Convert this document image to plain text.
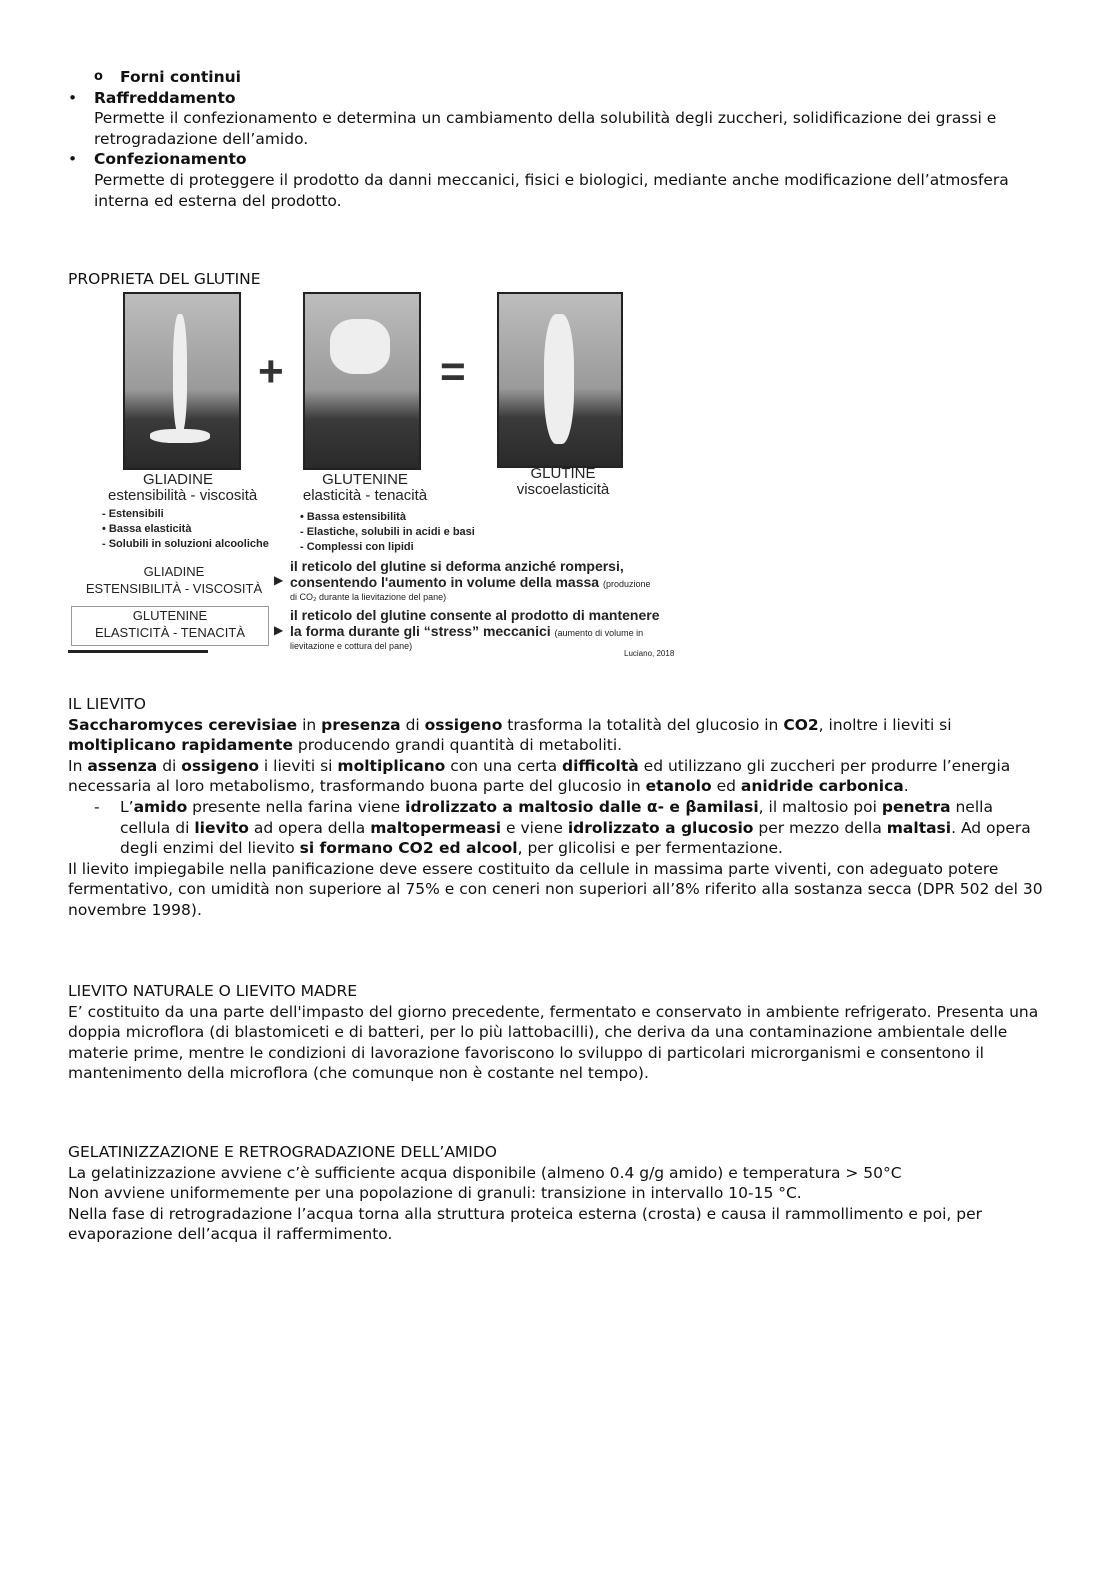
o Forni continui
• Raffreddamento
Permette il confezionamento e determina un cambiamento della solubilità degli zuccheri, solidificazione dei grassi e retrogradazione dell’amido.
• Confezionamento
Permette di proteggere il prodotto da danni meccanici, fisici e biologici, mediante anche modificazione dell’atmosfera interna ed esterna del prodotto.
PROPRIETA DEL GLUTINE
+	=
GLIADINE
estensibilità - viscosità
- Estensibili
• Bassa elasticità
- Solubili in soluzioni alcooliche
GLUTENINE
elasticità - tenacità
• Bassa estensibilità
- Elastiche, solubili in acidi e basi
- Complessi con lipidi
GLUTINE
viscoelasticità
GLIADINE
ESTENSIBILITÀ - VISCOSITÀ
▶
il reticolo del glutine si deforma anziché rompersi,
consentendo l'aumento in volume della massa (produzione
di CO₂ durante la lievitazione del pane)
GLUTENINE
ELASTICITÀ - TENACITÀ	▶
il reticolo del glutine consente al prodotto di mantenere
la forma durante gli “stress” meccanici (aumento di volume in
lievitazione e cottura del pane)
Luciano, 2018
IL LIEVITO
Saccharomyces cerevisiae in presenza di ossigeno trasforma la totalità del glucosio in CO2, inoltre i lieviti si moltiplicano rapidamente producendo grandi quantità di metaboliti.
In assenza di ossigeno i lieviti si moltiplicano con una certa difficoltà ed utilizzano gli zuccheri per produrre l’energia necessaria al loro metabolismo, trasformando buona parte del glucosio in etanolo ed anidride carbonica.
- L’amido presente nella farina viene idrolizzato a maltosio dalle α- e βamilasi, il maltosio poi penetra nella cellula di lievito ad opera della maltopermeasi e viene idrolizzato a glucosio per mezzo della maltasi. Ad opera degli enzimi del lievito si formano CO2 ed alcool, per glicolisi e per fermentazione.
Il lievito impiegabile nella panificazione deve essere costituito da cellule in massima parte viventi, con adeguato potere fermentativo, con umidità non superiore al 75% e con ceneri non superiori all’8% riferito alla sostanza secca (DPR 502 del 30 novembre 1998).
LIEVITO NATURALE O LIEVITO MADRE
E’ costituito da una parte dell'impasto del giorno precedente, fermentato e conservato in ambiente refrigerato. Presenta una doppia microflora (di blastomiceti e di batteri, per lo più lattobacilli), che deriva da una contaminazione ambientale delle materie prime, mentre le condizioni di lavorazione favoriscono lo sviluppo di particolari microrganismi e consentono il mantenimento della microflora (che comunque non è costante nel tempo).
GELATINIZZAZIONE E RETROGRADAZIONE DELL’AMIDO
La gelatinizzazione avviene c’è sufficiente acqua disponibile (almeno 0.4 g/g amido) e temperatura > 50°C
Non avviene uniformemente per una popolazione di granuli: transizione in intervallo 10-15 °C.
Nella fase di retrogradazione l’acqua torna alla struttura proteica esterna (crosta) e causa il rammollimento e poi, per evaporazione dell’acqua il raffermimento.
